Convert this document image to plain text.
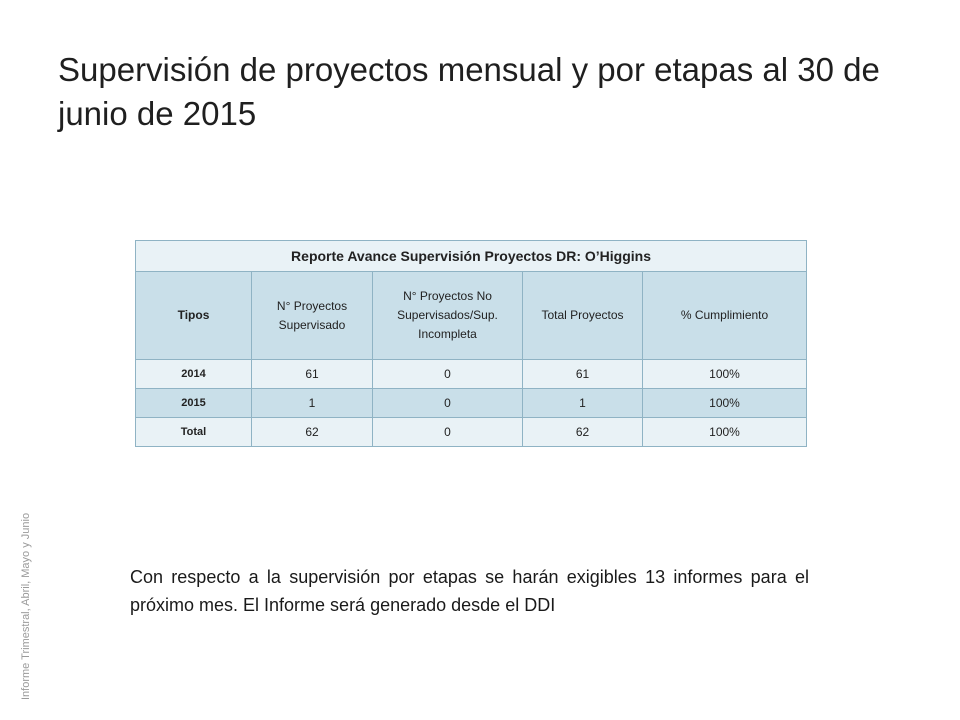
Supervisión de proyectos mensual y por etapas al 30 de junio de 2015
Informe Trimestral, Abril, Mayo y Junio
Reporte Avance Supervisión Proyectos DR: O’Higgins				
Tipos	N° Proyectos Supervisado	N° Proyectos No Supervisados/Sup. Incompleta	Total Proyectos	% Cumplimiento
2014	61	0	61	100%
2015	1	0	1	100%
Total	62	0	62	100%

Con respecto a la supervisión por etapas se harán exigibles 13 informes para el próximo mes. El Informe será generado desde el DDI
